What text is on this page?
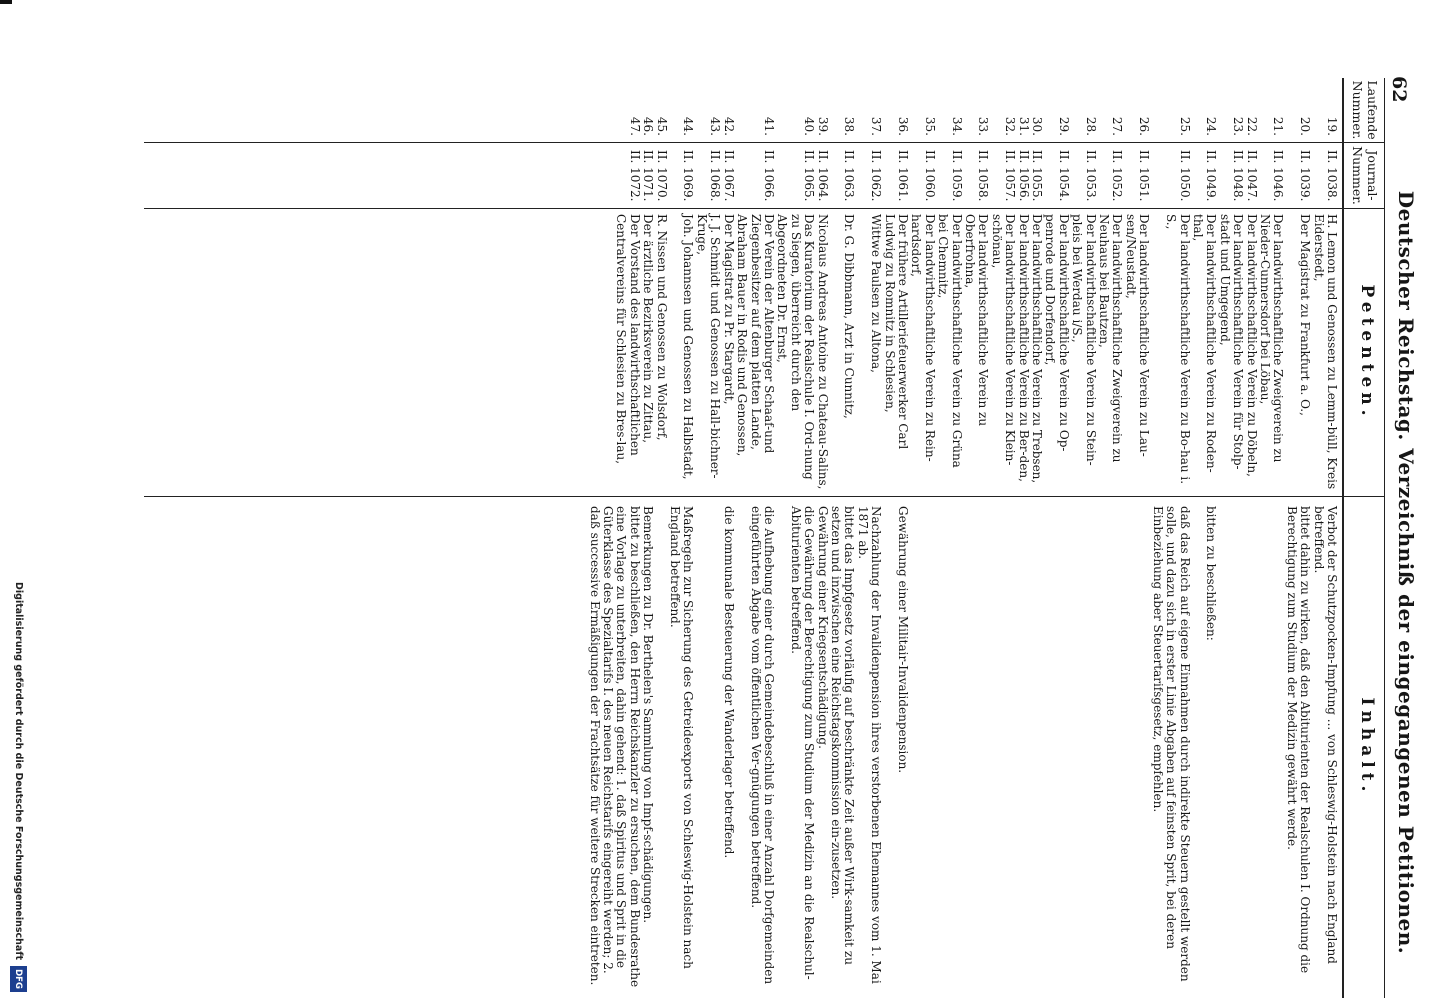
62
Deutscher Reichstag. Verzeichniß der eingegangenen Petitionen.
Laufende Nummer.
Journal-Nummer.
Petenten.
Inhalt.
19.
II. 1038.
H. Lemon und Genossen zu Lemm-büll, Kreis Eiderstedt,
Verbot der Schutzpocken-Impfung ... von Schleswig-Holstein nach England betreffend.
20.
II. 1039.
Der Magistrat zu Frankfurt a. O.,
bittet dahin zu wirken, daß den Abiturienten der Realschulen I. Ordnung die Berechtigung zum Studium der Medizin gewährt werde.
21.
II. 1046.
Der landwirthschaftliche Zweigverein zu Nieder-Cunnersdorf bei Löbau,
22.
II. 1047.
Der landwirthschaftliche Verein zu Döbeln,
23.
II. 1048.
Der landwirthschaftliche Verein für Stolp-stadt und Umgegend,
24.
II. 1049.
Der landwirthschaftliche Verein zu Roden-thal,
bitten zu beschließen:
25.
II. 1050.
Der landwirthschaftliche Verein zu Bo-hau i. S.,
daß das Reich auf eigene Einnahmen durch indirekte Steuern gestellt werden solle, und dazu sich in erster Linie Abgaben auf feinsten Sprit, bei deren Einbeziehung aber Steuertarifsgesetz, empfehlen.
26.
II. 1051.
Der landwirthschaftliche Verein zu Lau-sen/Neustadt,
27.
II. 1052.
Der landwirthschaftliche Zweigverein zu Neuhaus bei Bautzen,
28.
II. 1053.
Der landwirthschaftliche Verein zu Stein-pleis bei Werdau i/S.,
29.
II. 1054.
Der landwirthschaftliche Verein zu Op-penrode und Dorfendorf,
30.
II. 1055.
Der landwirthschaftliche Verein zu Trebsen,
31.
II. 1056.
Der landwirthschaftliche Verein zu Ber-den,
32.
II. 1057.
Der landwirthschaftliche Verein zu Klein-schönau,
33.
II. 1058.
Der landwirthschaftliche Verein zu Oberfrohna,
34.
II. 1059.
Der landwirthschaftliche Verein zu Grüna bei Chemnitz,
35.
II. 1060.
Der landwirthschaftliche Verein zu Rein-hardsdorf,
36.
II. 1061.
Der frühere Artilleriefeuerwerker Carl Ludwig zu Romnitz in Schlesien,
Gewährung einer Militair-Invalidenpension.
37.
II. 1062.
Wittwe Paulsen zu Altona,
Nachzahlung der Invalidenpension ihres verstorbenen Ehemannes vom 1. Mai 1871 ab.
38.
II. 1063.
Dr. G. Dibbmann, Arzt in Cunnitz,
bittet das Impfgesetz vorläufig auf beschränkte Zeit außer Wirk-samkeit zu setzen und inzwischen eine Reichstagskommission ein-zusetzen.
39.
II. 1064.
Nicolaus Andreas Antoine zu Chateau-Salins,
Gewährung einer Kriegsentschädigung.
40.
II. 1065.
Das Kuratorium der Realschule I. Ord-nung zu Siegen, überreicht durch den Abgeordneten Dr. Ernst,
die Gewährung der Berechtigung zum Studium der Medizin an die Realschul-Abiturienten betreffend.
41.
II. 1066.
Der Verein der Altenburger Schaaf-und Ziegenbesitzer auf dem platten Lande, Abraham Bauer in Rodis und Genossen,
die Aufhebung einer durch Gemeindebeschluß in einer Anzahl Dorfgemeinden eingeführten Abgabe vom öffentlichen Ver-gnügungen betreffend.
42.
II. 1067.
Der Magistrat zu Pr. Stargardt,
die kommunale Besteuerung der Wanderlager betreffend.
43.
II. 1068.
J. J. Schmidt und Genossen zu Hall-bichner-Kruge,
44.
II. 1069.
Joh. Johannsen und Genossen zu Halbstadt,
Maßregeln zur Sicherung des Getreideexports von Schleswig-Holstein nach England betreffend.
45.
II. 1070.
R. Nissen und Genossen zu Wolsdorf,
46.
II. 1071.
Der ärztliche Bezirksverein zu Zittau,
Bemerkungen zu Dr. Berthelen's Sammlung von Impf-schädigungen.
47.
II. 1072.
Der Vorstand des landwirthschaftlichen Centralvereins für Schlesien zu Bres-lau,
bittet zu beschließen, den Herrn Reichskanzler zu ersuchen, dem Bundesrathe eine Vorlage zu unterbreiten, dahin gehend: 1. daß Spiritus und Sprit in die Güterklasse des Spezialtarifs I. des neuen Reichstarifs eingereiht werden; 2. daß successive Ermäßigungen der Frachtsätze für weitere Strecken eintreten.
Digitalisierung gefördert durch die Deutsche Forschungsgemeinschaft
DFG
